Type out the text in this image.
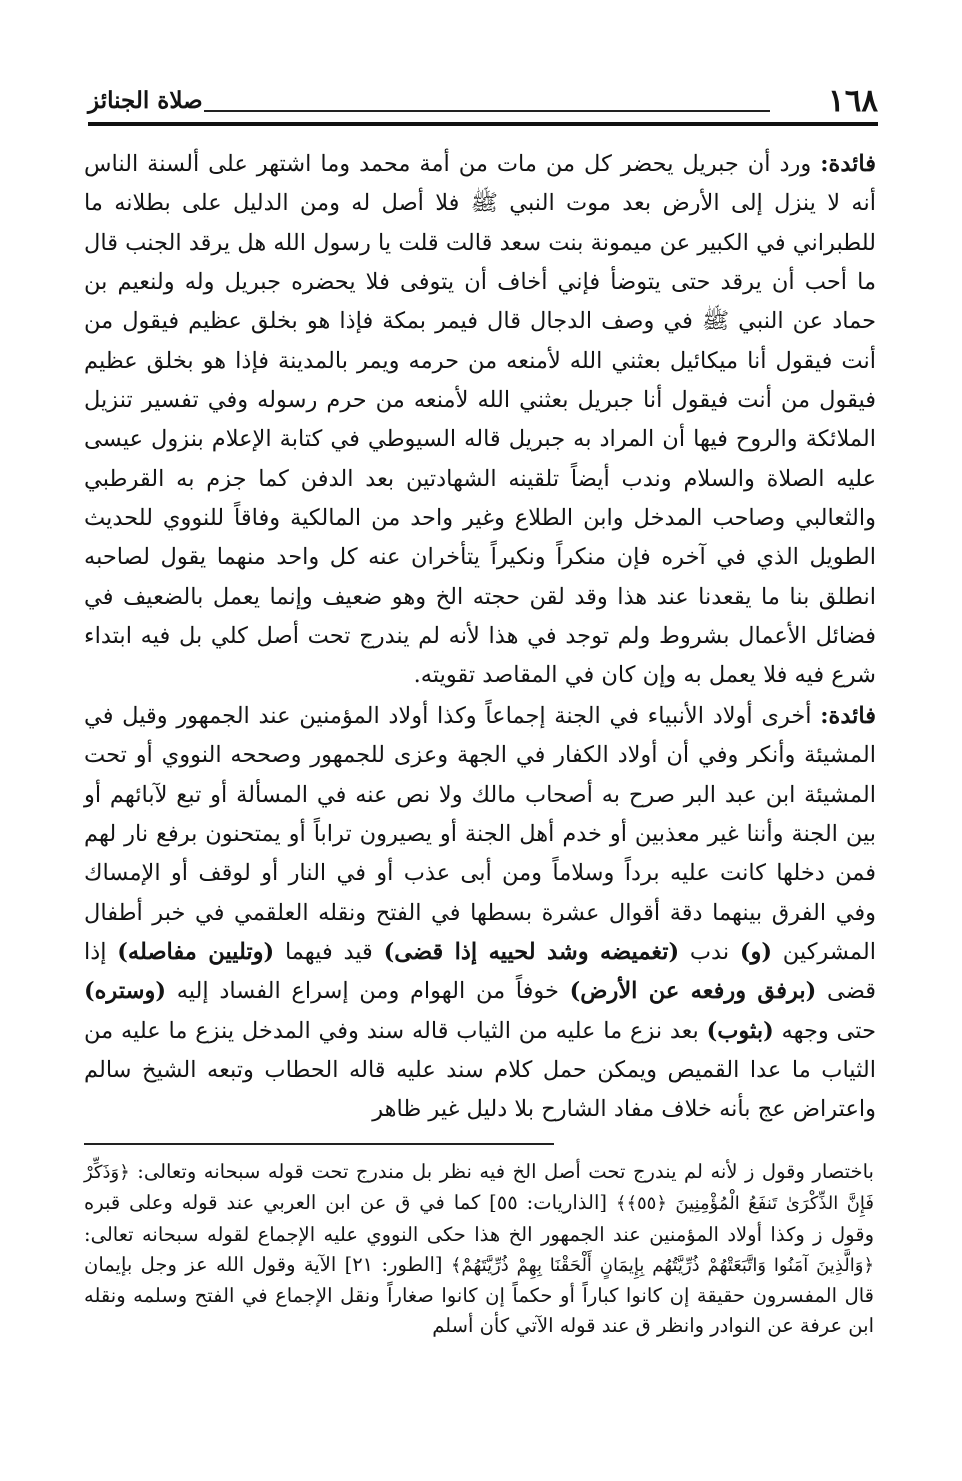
١٦٨
صلاة الجنائز

فائدة: ورد أن جبريل يحضر كل من مات من أمة محمد وما اشتهر على ألسنة الناس أنه لا ينزل إلى الأرض بعد موت النبي ﷺ فلا أصل له ومن الدليل على بطلانه ما للطبراني في الكبير عن ميمونة بنت سعد قالت قلت يا رسول الله هل يرقد الجنب قال ما أحب أن يرقد حتى يتوضأ فإني أخاف أن يتوفى فلا يحضره جبريل وله ولنعيم بن حماد عن النبي ﷺ في وصف الدجال قال فيمر بمكة فإذا هو بخلق عظيم فيقول من أنت فيقول أنا ميكائيل بعثني الله لأمنعه من حرمه ويمر بالمدينة فإذا هو بخلق عظيم فيقول من أنت فيقول أنا جبريل بعثني الله لأمنعه من حرم رسوله وفي تفسير تنزيل الملائكة والروح فيها أن المراد به جبريل قاله السيوطي في كتابة الإعلام بنزول عيسى عليه الصلاة والسلام وندب أيضاً تلقينه الشهادتين بعد الدفن كما جزم به القرطبي والثعالبي وصاحب المدخل وابن الطلاع وغير واحد من المالكية وفاقاً للنووي للحديث الطويل الذي في آخره فإن منكراً ونكيراً يتأخران عنه كل واحد منهما يقول لصاحبه انطلق بنا ما يقعدنا عند هذا وقد لقن حجته الخ وهو ضعيف وإنما يعمل بالضعيف في فضائل الأعمال بشروط ولم توجد في هذا لأنه لم يندرج تحت أصل كلي بل فيه ابتداء شرع فيه فلا يعمل به وإن كان في المقاصد تقويته.

فائدة: أخرى أولاد الأنبياء في الجنة إجماعاً وكذا أولاد المؤمنين عند الجمهور وقيل في المشيئة وأنكر وفي أن أولاد الكفار في الجهة وعزى للجمهور وصححه النووي أو تحت المشيئة ابن عبد البر صرح به أصحاب مالك ولا نص عنه في المسألة أو تبع لآبائهم أو بين الجنة وأننا غير معذبين أو خدم أهل الجنة أو يصيرون تراباً أو يمتحنون برفع نار لهم فمن دخلها كانت عليه برداً وسلاماً ومن أبى عذب أو في النار أو لوقف أو الإمساك وفي الفرق بينهما دقة أقوال عشرة بسطها في الفتح ونقله العلقمي في خبر أطفال المشركين (و) ندب (تغميضه وشد لحييه إذا قضى) قيد فيهما (وتليين مفاصله) إذا قضى (برفق ورفعه عن الأرض) خوفاً من الهوام ومن إسراع الفساد إليه (وستره) حتى وجهه (بثوب) بعد نزع ما عليه من الثياب قاله سند وفي المدخل ينزع ما عليه من الثياب ما عدا القميص ويمكن حمل كلام سند عليه قاله الحطاب وتبعه الشيخ سالم واعتراض عج بأنه خلاف مفاد الشارح بلا دليل غير ظاهر

باختصار وقول ز لأنه لم يندرج تحت أصل الخ فيه نظر بل مندرج تحت قوله سبحانه وتعالى: ﴿وَذَكِّرْ فَإِنَّ الذِّكْرَىٰ تَنفَعُ الْمُؤْمِنِينَ ﴿٥٥﴾﴾ [الذاريات: ٥٥] كما في ق عن ابن العربي عند قوله وعلى قبره وقول ز وكذا أولاد المؤمنين عند الجمهور الخ هذا حكى النووي عليه الإجماع لقوله سبحانه تعالى: ﴿وَالَّذِينَ آمَنُوا وَاتَّبَعَتْهُمْ ذُرِّيَّتُهُم بِإِيمَانٍ أَلْحَقْنَا بِهِمْ ذُرِّيَّتَهُمْ﴾ [الطور: ٢١] الآية وقول الله عز وجل بإيمان قال المفسرون حقيقة إن كانوا كباراً أو حكماً إن كانوا صغاراً ونقل الإجماع في الفتح وسلمه ونقله ابن عرفة عن النوادر وانظر ق عند قوله الآتي كأن أسلم
